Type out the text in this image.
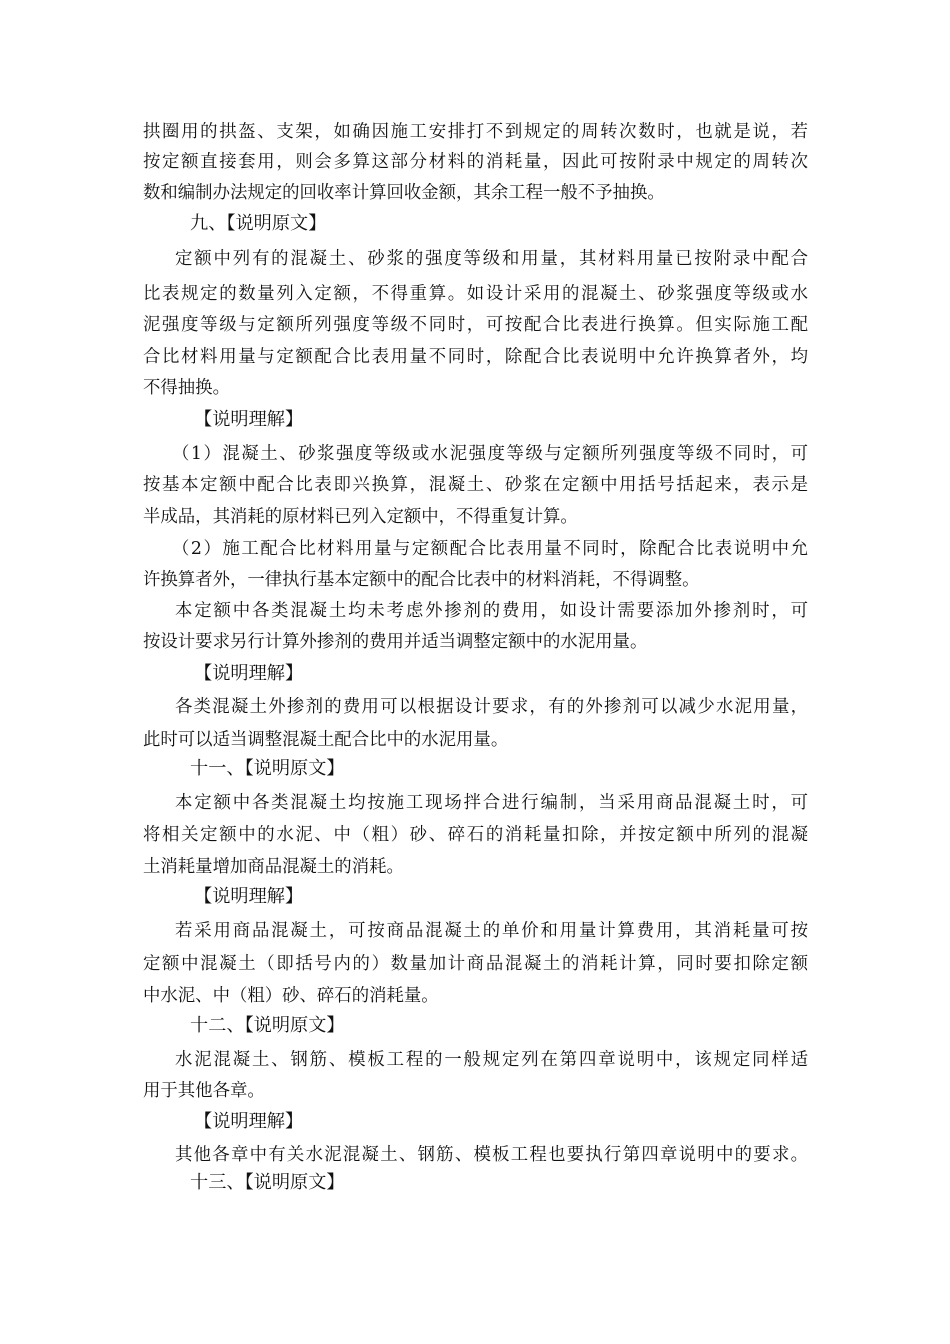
拱圈用的拱盔、支架，如确因施工安排打不到规定的周转次数时，也就是说，若
按定额直接套用，则会多算这部分材料的消耗量，因此可按附录中规定的周转次
数和编制办法规定的回收率计算回收金额，其余工程一般不予抽换。
九、【说明原文】
定额中列有的混凝土、砂浆的强度等级和用量，其材料用量已按附录中配合
比表规定的数量列入定额，不得重算。如设计采用的混凝土、砂浆强度等级或水
泥强度等级与定额所列强度等级不同时，可按配合比表进行换算。但实际施工配
合比材料用量与定额配合比表用量不同时，除配合比表说明中允许换算者外，均
不得抽换。
【说明理解】
（1）混凝土、砂浆强度等级或水泥强度等级与定额所列强度等级不同时，可
按基本定额中配合比表即兴换算，混凝土、砂浆在定额中用括号括起来，表示是
半成品，其消耗的原材料已列入定额中，不得重复计算。
（2）施工配合比材料用量与定额配合比表用量不同时，除配合比表说明中允
许换算者外，一律执行基本定额中的配合比表中的材料消耗，不得调整。
本定额中各类混凝土均未考虑外掺剂的费用，如设计需要添加外掺剂时，可
按设计要求另行计算外掺剂的费用并适当调整定额中的水泥用量。
【说明理解】
各类混凝土外掺剂的费用可以根据设计要求，有的外掺剂可以减少水泥用量，
此时可以适当调整混凝土配合比中的水泥用量。
十一、【说明原文】
本定额中各类混凝土均按施工现场拌合进行编制，当采用商品混凝土时，可
将相关定额中的水泥、中（粗）砂、碎石的消耗量扣除，并按定额中所列的混凝
土消耗量增加商品混凝土的消耗。
【说明理解】
若采用商品混凝土，可按商品混凝土的单价和用量计算费用，其消耗量可按
定额中混凝土（即括号内的）数量加计商品混凝土的消耗计算，同时要扣除定额
中水泥、中（粗）砂、碎石的消耗量。
十二、【说明原文】
水泥混凝土、钢筋、模板工程的一般规定列在第四章说明中，该规定同样适
用于其他各章。
【说明理解】
其他各章中有关水泥混凝土、钢筋、模板工程也要执行第四章说明中的要求。
十三、【说明原文】
